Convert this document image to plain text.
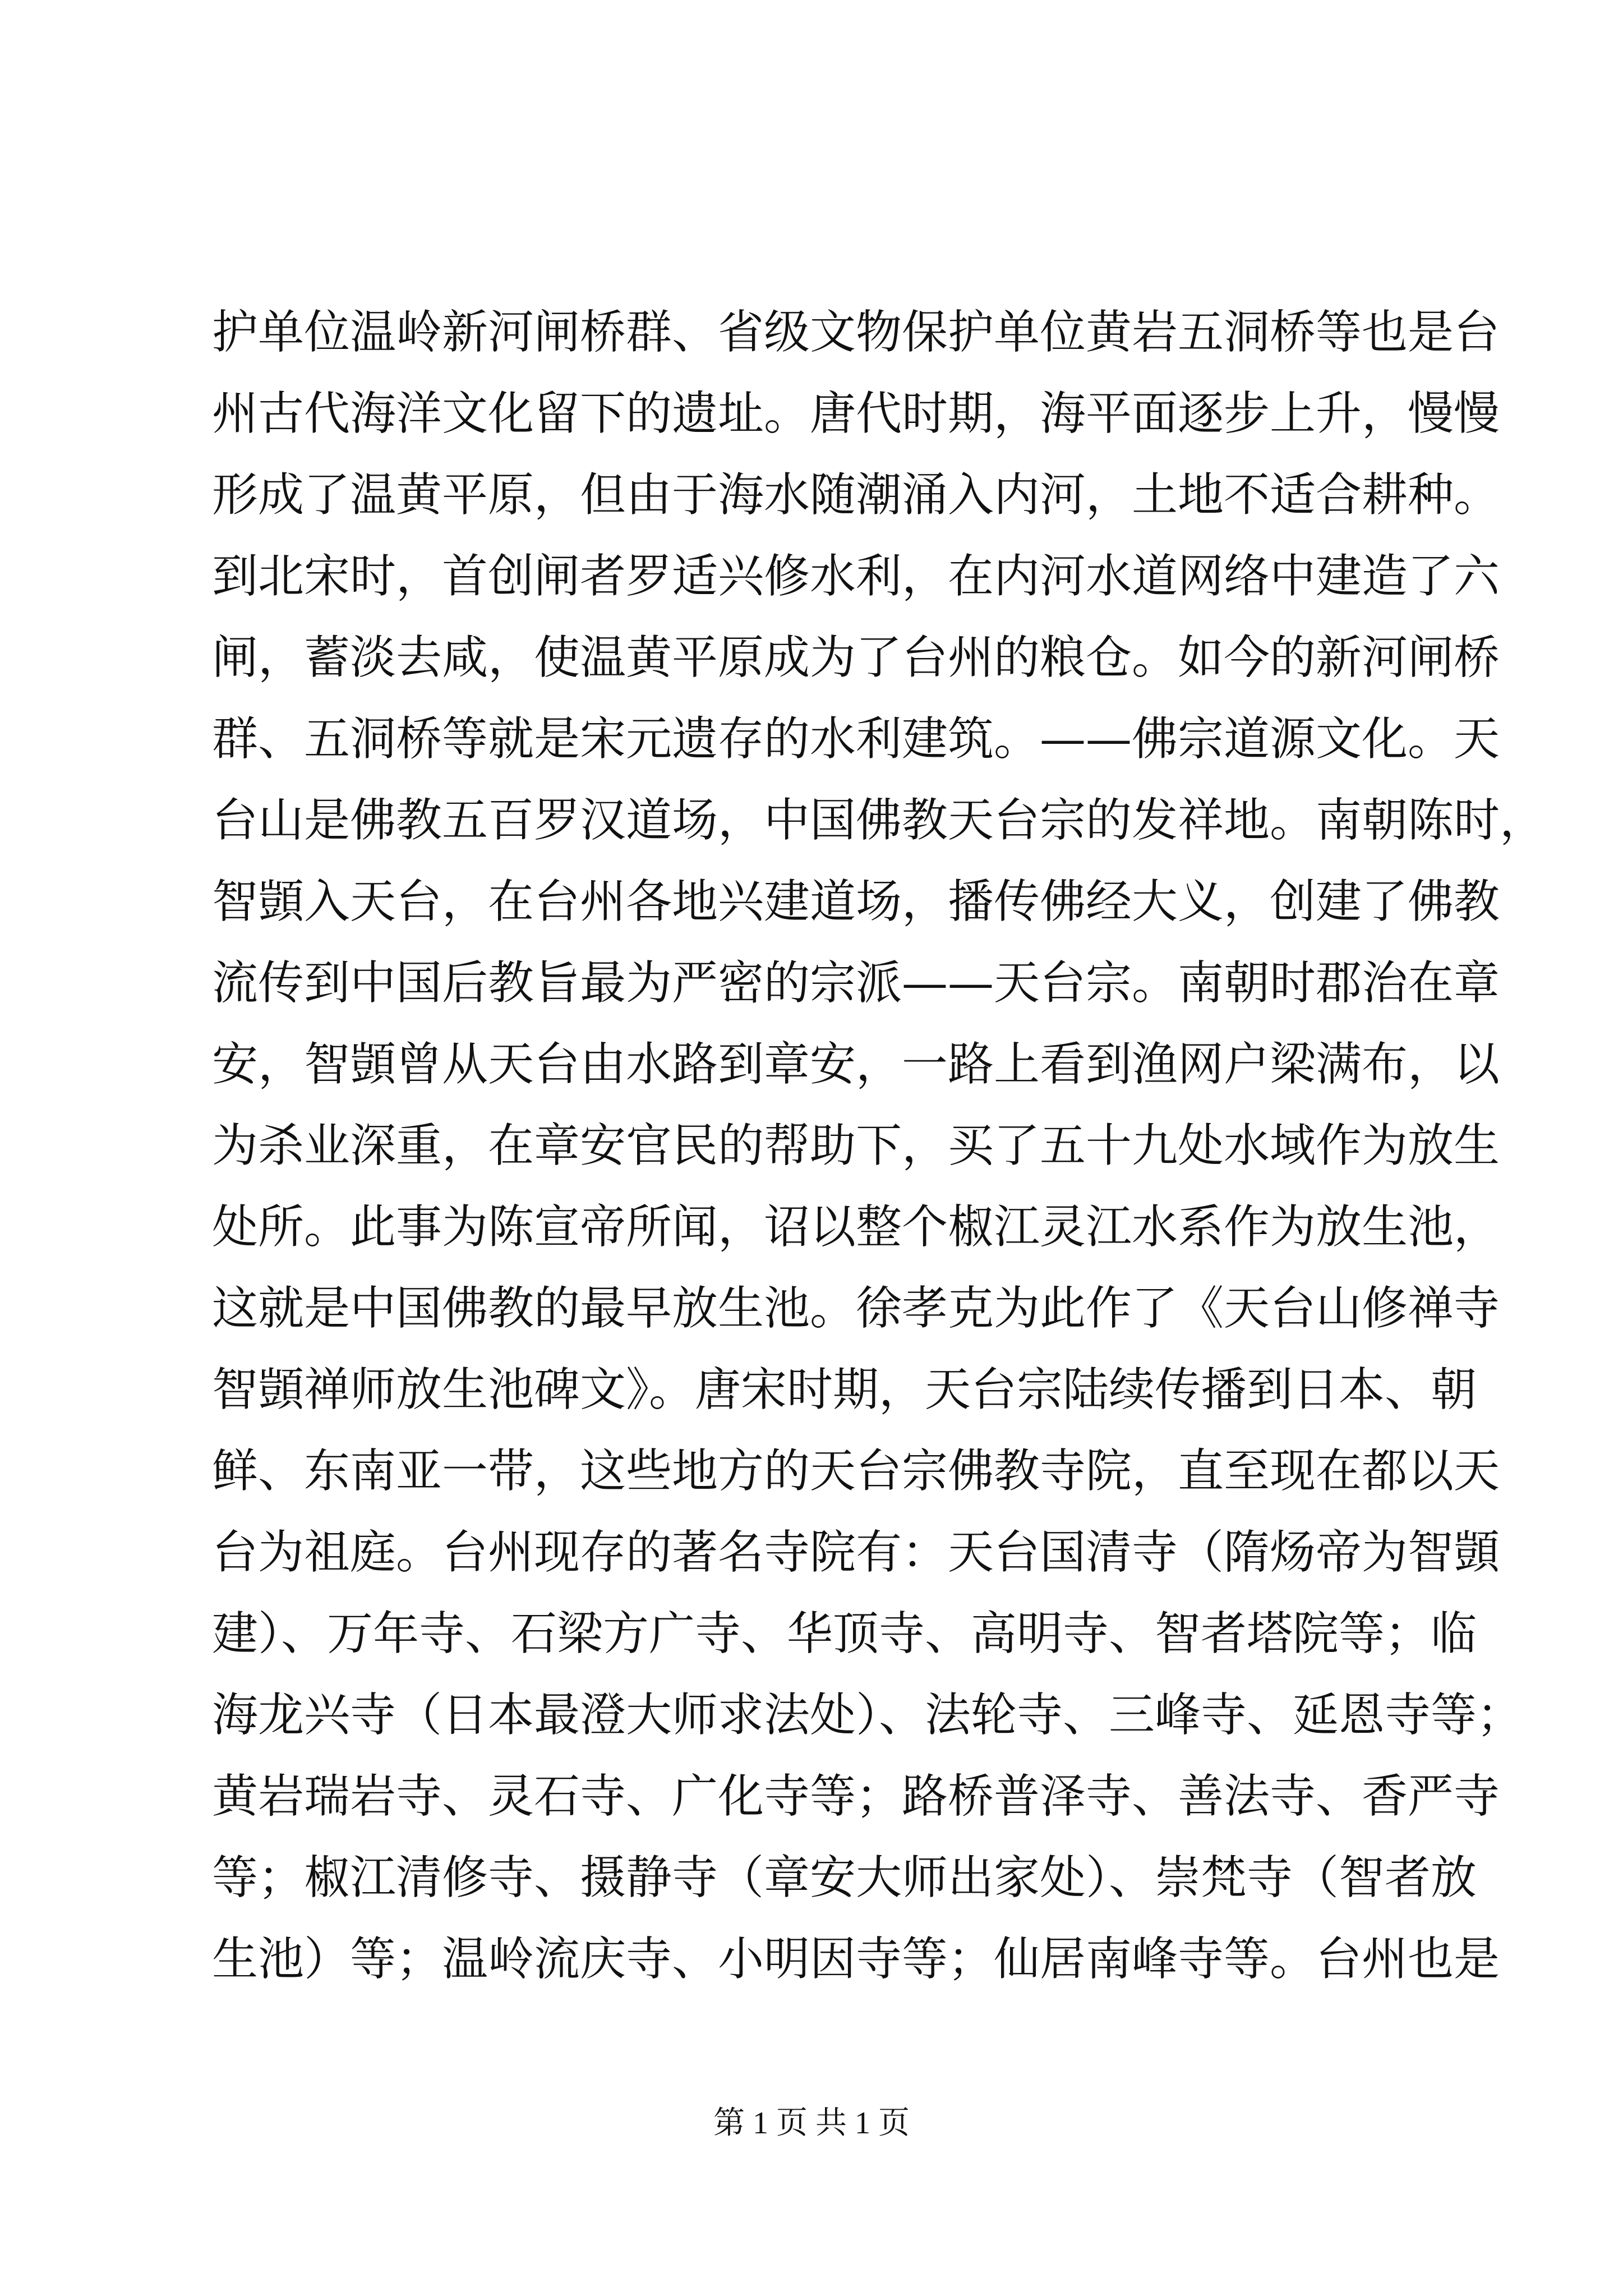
护单位温岭新河闸桥群、省级文物保护单位黄岩五洞桥等也是台
州古代海洋文化留下的遗址。唐代时期，海平面逐步上升，慢慢
形成了温黄平原，但由于海水随潮涌入内河，土地不适合耕种。
到北宋时，首创闸者罗适兴修水利，在内河水道网络中建造了六
闸，蓄淡去咸，使温黄平原成为了台州的粮仓。如今的新河闸桥
群、五洞桥等就是宋元遗存的水利建筑。——佛宗道源文化。天
台山是佛教五百罗汉道场，中国佛教天台宗的发祥地。南朝陈时，
智顗入天台，在台州各地兴建道场，播传佛经大义，创建了佛教
流传到中国后教旨最为严密的宗派——天台宗。南朝时郡治在章
安，智顗曾从天台由水路到章安，一路上看到渔网户梁满布，以
为杀业深重，在章安官民的帮助下，买了五十九处水域作为放生
处所。此事为陈宣帝所闻，诏以整个椒江灵江水系作为放生池，
这就是中国佛教的最早放生池。徐孝克为此作了《天台山修禅寺
智顗禅师放生池碑文》。唐宋时期，天台宗陆续传播到日本、朝
鲜、东南亚一带，这些地方的天台宗佛教寺院，直至现在都以天
台为祖庭。台州现存的著名寺院有：天台国清寺（隋炀帝为智顗
建）、万年寺、石梁方广寺、华顶寺、高明寺、智者塔院等；临
海龙兴寺（日本最澄大师求法处）、法轮寺、三峰寺、延恩寺等；
黄岩瑞岩寺、灵石寺、广化寺等；路桥普泽寺、善法寺、香严寺
等；椒江清修寺、摄静寺（章安大师出家处）、崇梵寺（智者放
生池）等；温岭流庆寺、小明因寺等；仙居南峰寺等。台州也是
第 1 页 共 1 页
